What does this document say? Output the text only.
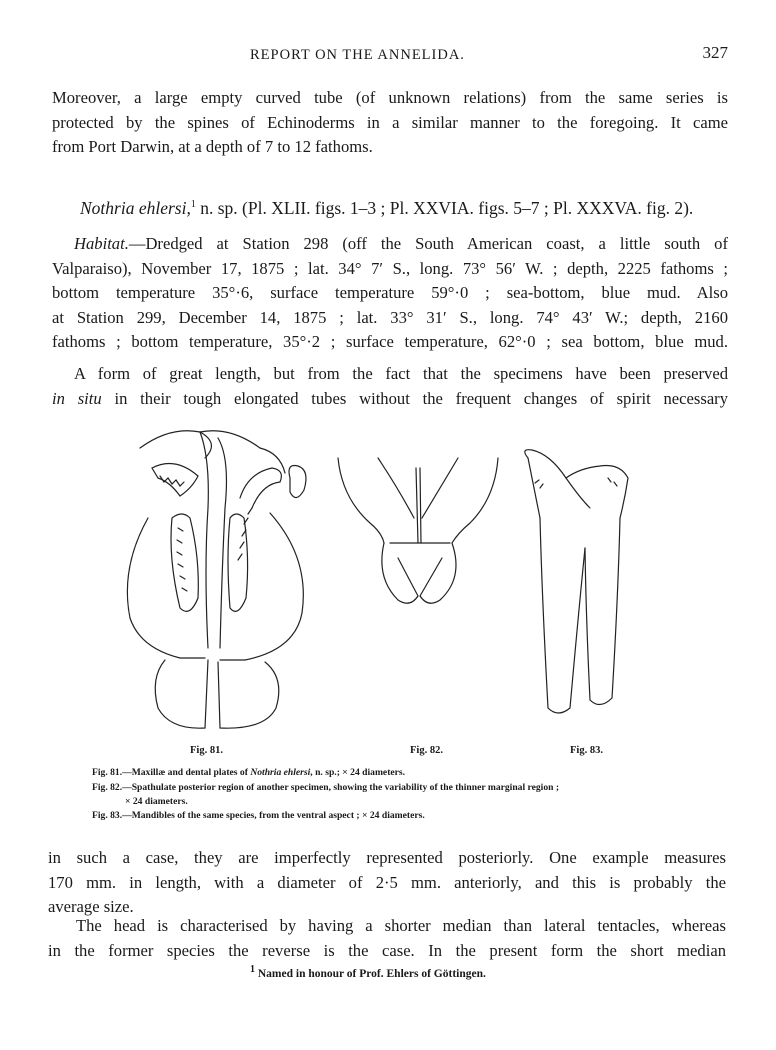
REPORT ON THE ANNELIDA.	327
Moreover, a large empty curved tube (of unknown relations) from the same series is
protected by the spines of Echinoderms in a similar manner to the foregoing. It came
from Port Darwin, at a depth of 7 to 12 fathoms.
Nothria ehlersi,$^1$ n. sp. (Pl. XLII. figs. 1–3 ; Pl. XXVIA. figs. 5–7 ; Pl. XXXVA. fig. 2).
Habitat.—Dredged at Station 298 (off the South American coast, a little south of
Valparaiso), November 17, 1875 ; lat. 34° 7′ S., long. 73° 56′ W. ; depth, 2225 fathoms ;
bottom temperature 35°·6, surface temperature 59°·0 ; sea-bottom, blue mud. Also
at Station 299, December 14, 1875 ; lat. 33° 31′ S., long. 74° 43′ W.; depth, 2160
fathoms ; bottom temperature, 35°·2 ; surface temperature, 62°·0 ; sea bottom, blue mud.
A form of great length, but from the fact that the specimens have been preserved
in situ in their tough elongated tubes without the frequent changes of spirit necessary
Fig. 81.	Fig. 82.	Fig. 83.
Fig. 81.—Maxillæ and dental plates of Nothria ehlersi, n. sp.; × 24 diameters.
Fig. 82.—Spathulate posterior region of another specimen, showing the variability of the thinner marginal region ;
× 24 diameters.
Fig. 83.—Mandibles of the same species, from the ventral aspect ; × 24 diameters.
in such a case, they are imperfectly represented posteriorly. One example measures
170 mm. in length, with a diameter of 2·5 mm. anteriorly, and this is probably the
average size.
The head is characterised by having a shorter median than lateral tentacles, whereas
in the former species the reverse is the case. In the present form the short median
$^1$ Named in honour of Prof. Ehlers of Göttingen.
